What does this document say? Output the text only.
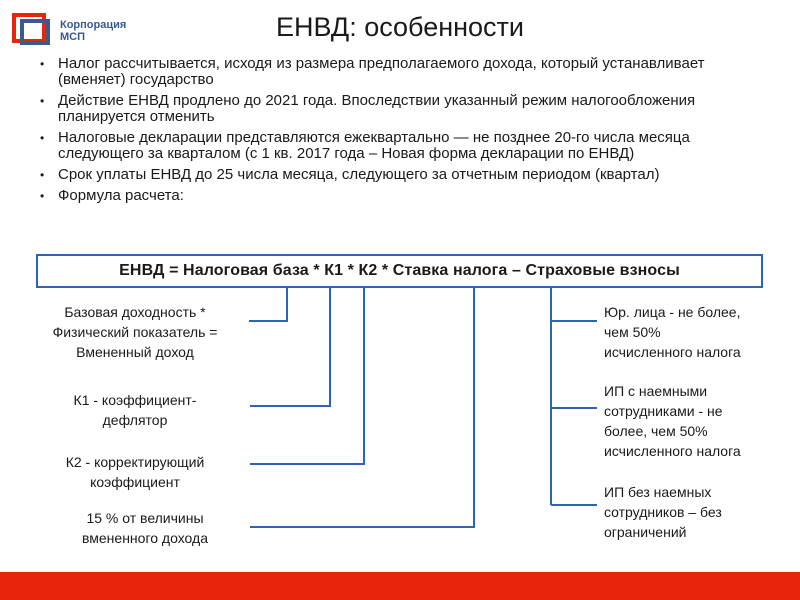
Корпорация
МСП	ЕНВД: особенности
• Налог рассчитывается, исходя из размера предполагаемого дохода, который устанавливает (вменяет) государство
• Действие ЕНВД продлено до 2021 года. Впоследствии указанный режим налогообложения планируется отменить
• Налоговые декларации представляются ежеквартально — не позднее 20-го числа месяца следующего за кварталом (с 1 кв. 2017 года – Новая форма декларации по ЕНВД)
• Срок уплаты ЕНВД до 25 числа месяца, следующего за отчетным периодом (квартал)
• Формула расчета:
ЕНВД = Налоговая база * К1 * К2 * Ставка налога – Страховые взносы
Базовая доходность *
Физический показатель =
Вмененный доход
К1 - коэффициент-
дефлятор
К2 - корректирующий
коэффициент
15 % от величины
вмененного дохода
Юр. лица - не более,
чем 50%
исчисленного налога
ИП с наемными
сотрудниками - не
более, чем 50%
исчисленного налога
ИП без наемных
сотрудников – без
ограничений
